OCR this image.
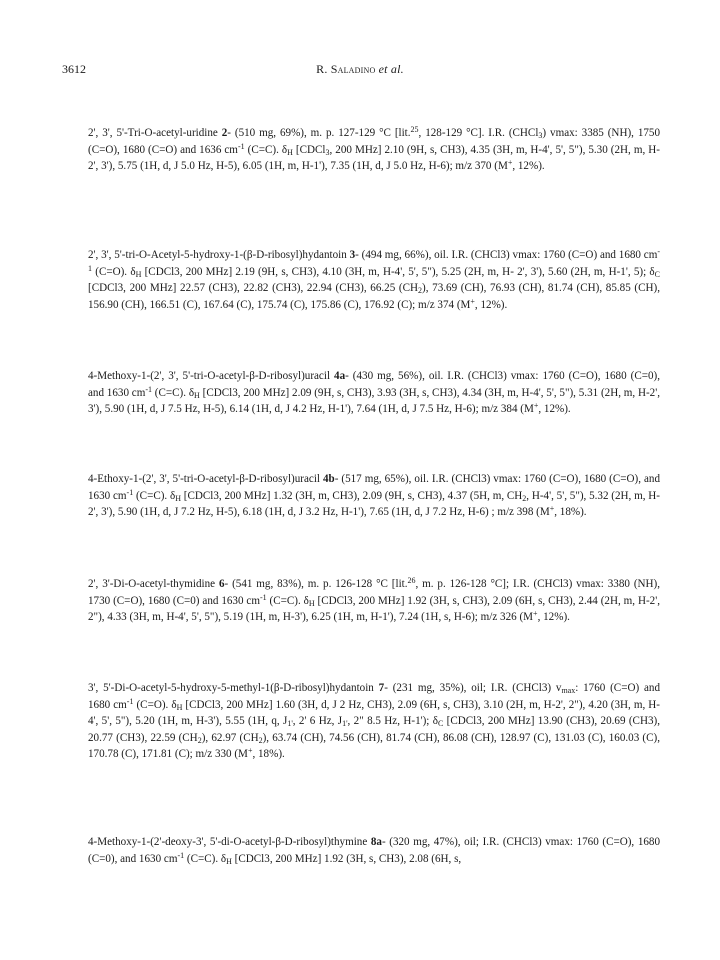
3612	R. Saladino et al.

2', 3', 5'-Tri-O-acetyl-uridine 2- (510 mg, 69%), m. p. 127-129 °C [lit.$^{25}$, 128-129 °C]. I.R. (CHCl$_3$) vmax: 3385 (NH), 1750 (C=O), 1680 (C=O) and 1636 $cm^{-1}$ (C=C). $\delta_H$ [CDCl$_3$, 200 MHz] 2.10 (9H, s, CH3), 4.35 (3H, m, H-4', 5', 5"), 5.30 (2H, m, H-2', 3'), 5.75 (1H, d, J 5.0 Hz, H-5), 6.05 (1H, m, H-1'), 7.35 (1H, d, J 5.0 Hz, H-6); m/z 370 (M+, 12%).

2', 3', 5'-tri-O-Acetyl-5-hydroxy-1-(β-D-ribosyl)hydantoin 3- (494 mg, 66%), oil. I.R. (CHCl3) vmax: 1760 (C=O) and 1680 $cm^{-1}$ (C=O). $\delta_H$ [CDCl3, 200 MHz] 2.19 (9H, s, CH3), 4.10 (3H, m, H-4', 5', 5"), 5.25 (2H, m, H- 2', 3'), 5.60 (2H, m, H-1', 5); $\delta_C$ [CDCl3, 200 MHz] 22.57 (CH3), 22.82 (CH3), 22.94 (CH3), 66.25 $(CH_2)$, 73.69 (CH), 76.93 (CH), 81.74 (CH), 85.85 (CH), 156.90 (CH), 166.51 (C), 167.64 (C), 175.74 (C), 175.86 (C), 176.92 (C); m/z 374 (M+, 12%).

4-Methoxy-1-(2', 3', 5'-tri-O-acetyl-β-D-ribosyl)uracil 4a- (430 mg, 56%), oil. I.R. (CHCl3) vmax: 1760 (C=O), 1680 (C=0), and 1630 $cm^{-1}$ (C=C). $\delta_H$ [CDCl3, 200 MHz] 2.09 (9H, s, CH3), 3.93 (3H, s, CH3), 4.34 (3H, m, H-4', 5', 5"), 5.31 (2H, m, H-2', 3'), 5.90 (1H, d, J 7.5 Hz, H-5), 6.14 (1H, d, J 4.2 Hz, H-1'), 7.64 (1H, d, J 7.5 Hz, H-6); m/z 384 (M+, 12%).

4-Ethoxy-1-(2', 3', 5'-tri-O-acetyl-β-D-ribosyl)uracil 4b- (517 mg, 65%), oil. I.R. (CHCl3) vmax: 1760 (C=O), 1680 (C=O), and 1630 $cm^{-1}$ (C=C). $\delta_H$ [CDCl3, 200 MHz] 1.32 (3H, m, CH3), 2.09 (9H, s, CH3), 4.37 (5H, m, $CH_2$, H-4', 5', 5"), 5.32 (2H, m, H-2', 3'), 5.90 (1H, d, J 7.2 Hz, H-5), 6.18 (1H, d, J 3.2 Hz, H-1'), 7.65 (1H, d, J 7.2 Hz, H-6) ; m/z 398 (M+, 18%).

2', 3'-Di-O-acetyl-thymidine 6- (541 mg, 83%), m. p. 126-128 °C [lit.$^{26}$, m. p. 126-128 °C]; I.R. (CHCl3) vmax: 3380 (NH), 1730 (C=O), 1680 (C=0) and 1630 $cm^{-1}$ (C=C). $\delta_H$ [CDCl3, 200 MHz] 1.92 (3H, s, CH3), 2.09 (6H, s, CH3), 2.44 (2H, m, H-2', 2"), 4.33 (3H, m, H-4', 5', 5"), 5.19 (1H, m, H-3'), 6.25 (1H, m, H-1'), 7.24 (1H, s, H-6); m/z 326 (M+, 12%).

3', 5'-Di-O-acetyl-5-hydroxy-5-methyl-1(β-D-ribosyl)hydantoin 7- (231 mg, 35%), oil; I.R. (CHCl3) $v_{max}$: 1760 (C=O) and 1680 $cm^{-1}$ (C=O). $\delta_H$ [CDCl3, 200 MHz] 1.60 (3H, d, J 2 Hz, CH3), 2.09 (6H, s, CH3), 3.10 (2H, m, H-2', 2"), 4.20 (3H, m, H-4', 5', 5"), 5.20 (1H, m, H-3'), 5.55 (1H, q, $J_{1'}$, 2' 6 Hz, $J_{1'}$, 2" 8.5 Hz, H-1'); $\delta_C$ [CDCl3, 200 MHz] 13.90 (CH3), 20.69 (CH3), 20.77 (CH3), 22.59 $(CH_2)$, 62.97 $(CH_2)$, 63.74 (CH), 74.56 (CH), 81.74 (CH), 86.08 (CH), 128.97 (C), 131.03 (C), 160.03 (C), 170.78 (C), 171.81 (C); m/z 330 (M+, 18%).

4-Methoxy-1-(2'-deoxy-3', 5'-di-O-acetyl-β-D-ribosyl)thymine 8a- (320 mg, 47%), oil; I.R. (CHCl3) vmax: 1760 (C=O), 1680 (C=0), and 1630 $cm^{-1}$ (C=C). $\delta_H$ [CDCl3, 200 MHz] 1.92 (3H, s, CH3), 2.08 (6H, s,
